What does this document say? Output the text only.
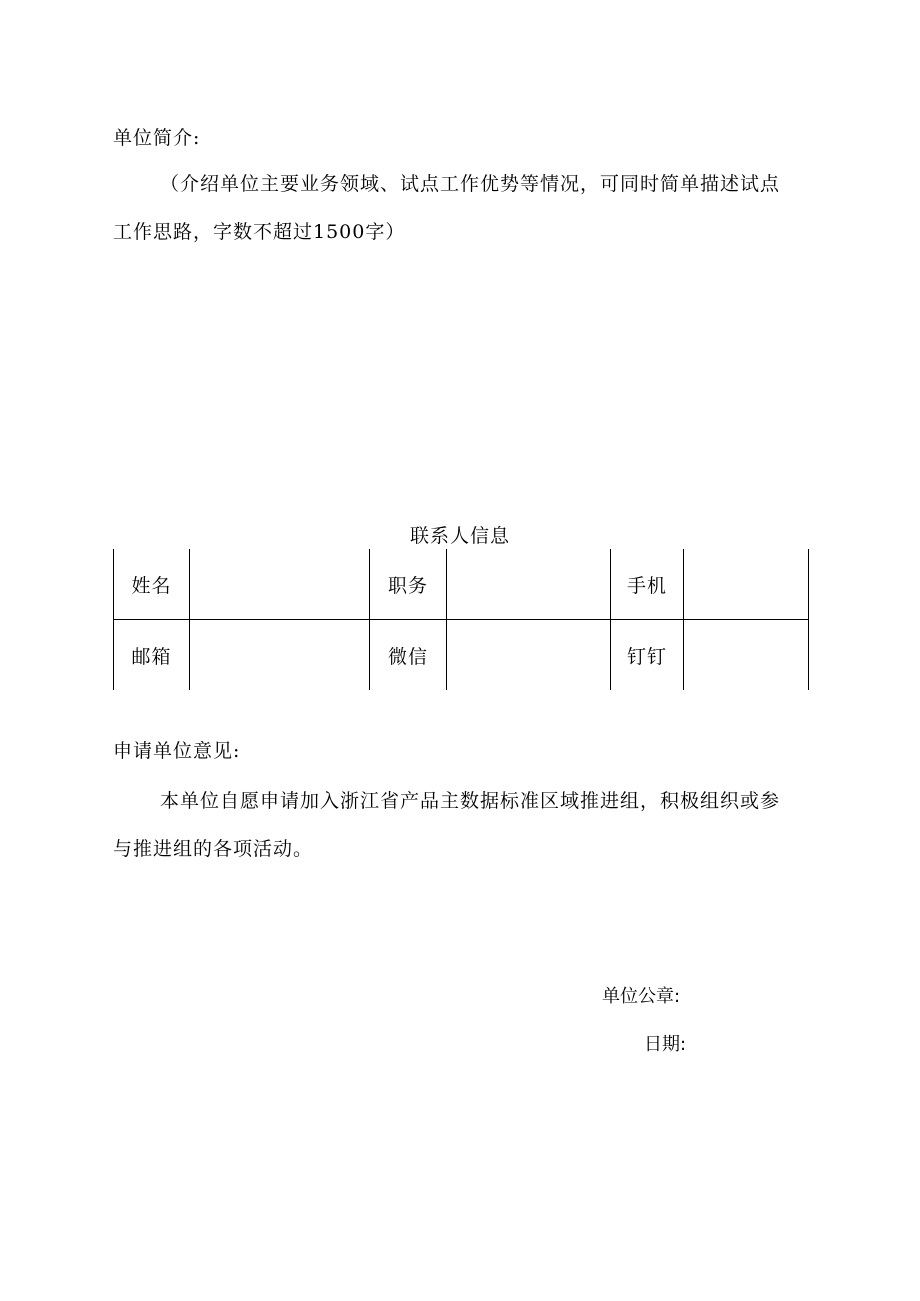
单位简介:
（介绍单位主要业务领域、试点工作优势等情况，可同时简单描述试点
工作思路，字数不超过1500字）
联系人信息
姓名		职务		手机	
邮箱		微信		钉钉	
申请单位意见:
本单位自愿申请加入浙江省产品主数据标准区域推进组，积极组织或参
与推进组的各项活动。
单位公章:
日期:
